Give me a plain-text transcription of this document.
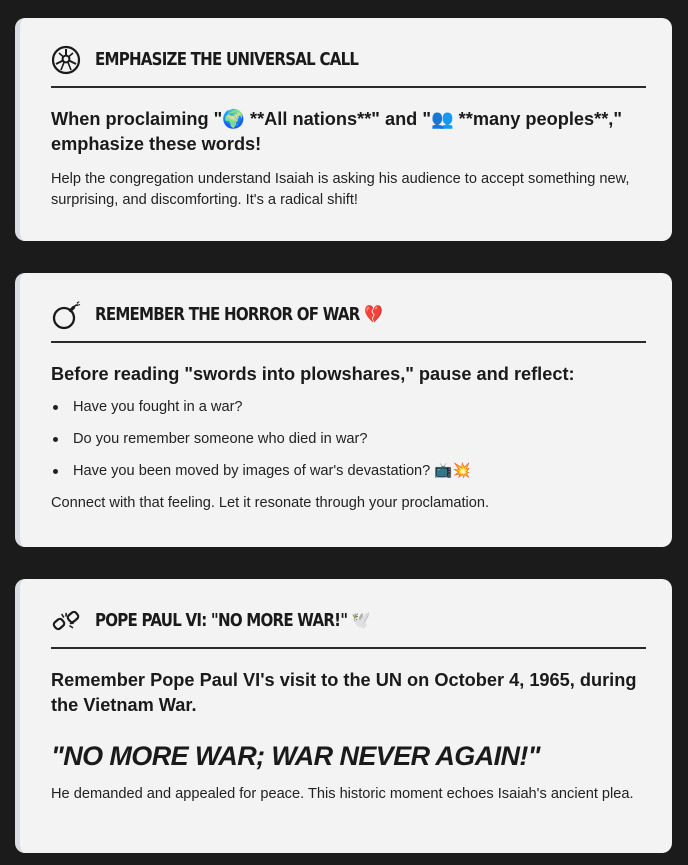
EMPHASIZE THE UNIVERSAL CALL

When proclaiming "🌍 **All nations**" and "👥 **many peoples**," emphasize these words!

Help the congregation understand Isaiah is asking his audience to accept something new, surprising, and discomforting. It's a radical shift!

REMEMBER THE HORROR OF WAR 💔

Before reading "swords into plowshares," pause and reflect:

Have you fought in a war?
Do you remember someone who died in war?
Have you been moved by images of war's devastation? 📺💥

Connect with that feeling. Let it resonate through your proclamation.

POPE PAUL VI: "NO MORE WAR!" 🕊️

Remember Pope Paul VI's visit to the UN on October 4, 1965, during the Vietnam War.

"NO MORE WAR; WAR NEVER AGAIN!"

He demanded and appealed for peace. This historic moment echoes Isaiah's ancient plea.
